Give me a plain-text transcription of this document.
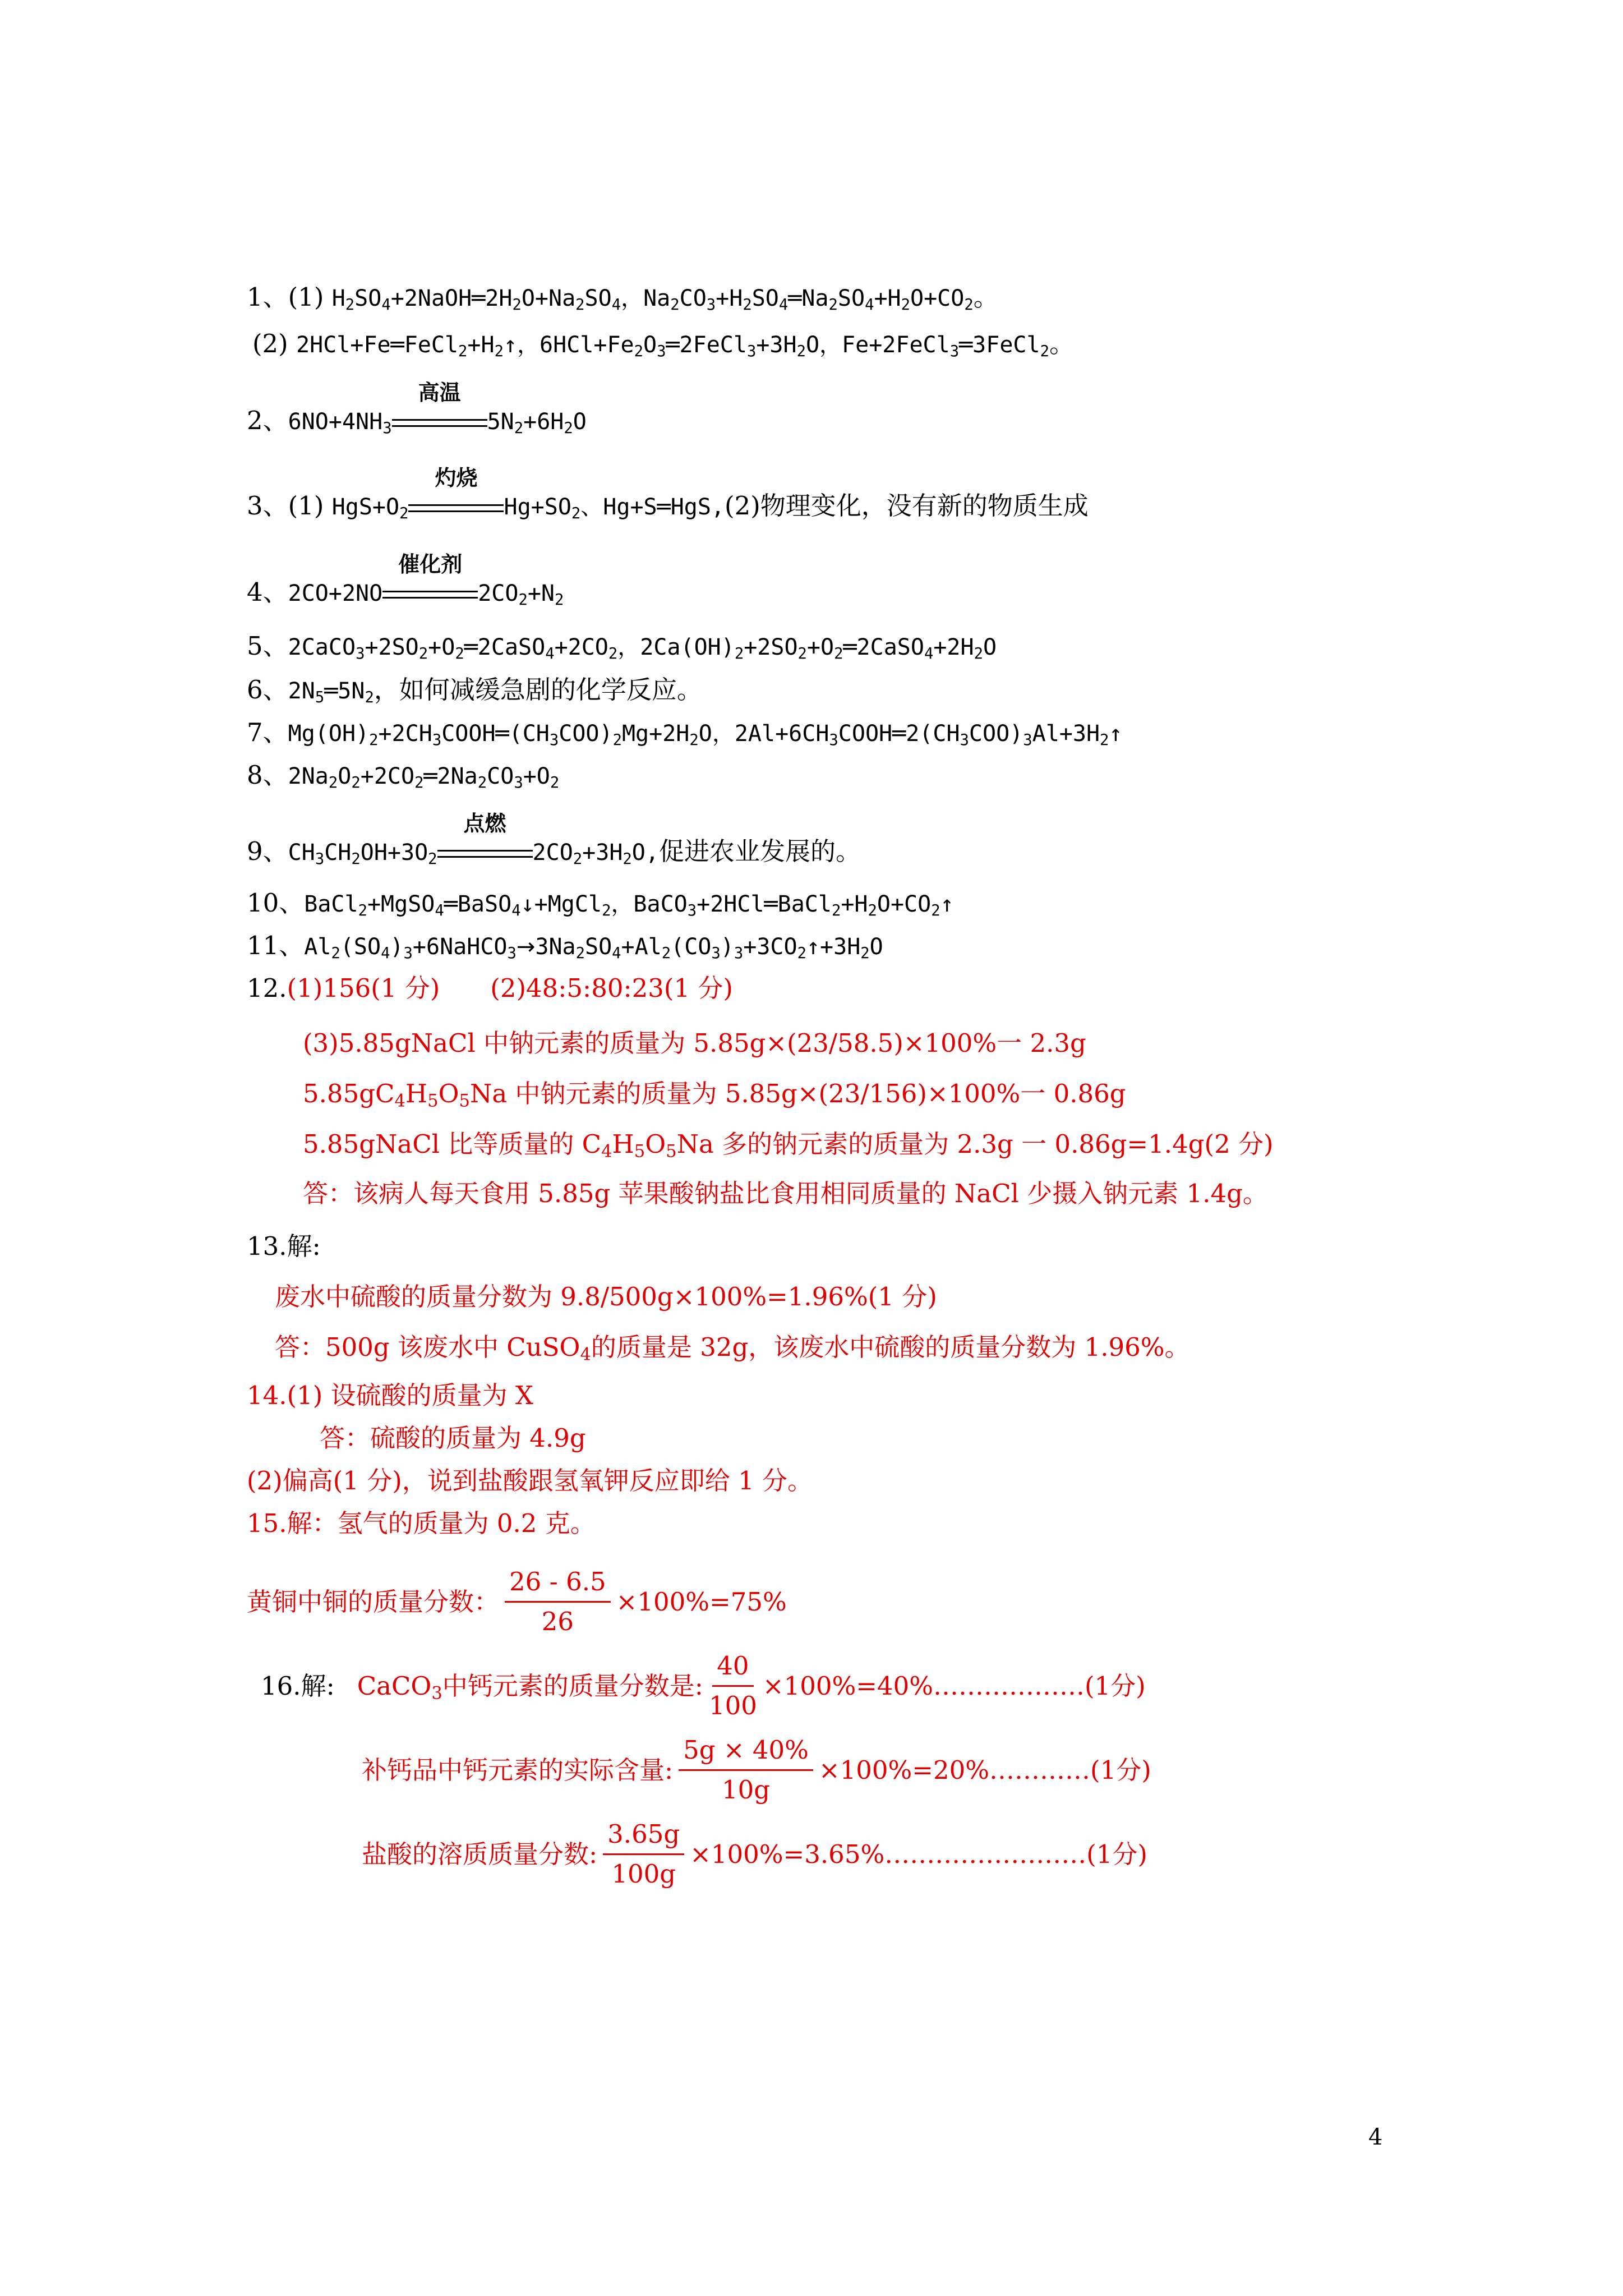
1、(1) $H_2SO_4+2NaOH═2H_2O+Na_2SO_4$，$Na_2CO_3+H_2SO_4═Na_2SO_4+H_2O+CO_2$。
(2) $2HCl+Fe═FeCl_2+H_2↑$，$6HCl+Fe_2O_3═2FeCl_3+3H_2O$，Fe+2FeCl$_3$═3FeCl$_2$。
2、$6NO+4NH_3$
高温
$5N_2+6H_2O$
3、(1) $HgS+O_2$
灼烧
$Hg+SO_2$、Hg+S═HgS,(2)物理变化，没有新的物质生成
4、2CO+2NO
催化剂
$2CO_2+N_2$
5、$2CaCO_3+2SO_2+O_2═2CaSO_4+2CO_2$，$2Ca(OH)_2+2SO_2+O_2═2CaSO_4+2H_2O$
6、$2N_5═5N_2$，如何减缓急剧的化学反应。
7、$Mg(OH)_2+2CH_3COOH═(CH_3COO)_2Mg+2H_2O$，$2Al+6CH_3COOH═2(CH_3COO)_3Al+3H_2↑$
8、$2Na_2O_2+2CO_2═2Na_2CO_3+O_2$
9、$CH_3CH_2OH+3O_2$
点燃
$2CO_2+3H_2O$,促进农业发展的。
10、BaCl$_2$+MgSO$_4$═BaSO$_4$↓+MgCl$_2$，$BaCO_3+2HCl═BaCl_2+H_2O+CO_2↑$
11、$Al_2(SO_4)_3+6NaHCO_3\to 3Na_2SO_4+Al_2(CO_3)_3+3CO_2↑+3H_2O$
12.(1)156(1 分) (2)48:5:80:23(1 分)
(3)5.85gNaCl 中钠元素的质量为 5.85g×(23/58.5)×100%一 2.3g
$5.85gC_4H_5O_5Na$ 中钠元素的质量为 5.85g×(23/156)×100%一 0.86g
5.85gNaCl 比等质量的 $C_4H_5O_5Na$ 多的钠元素的质量为 2.3g 一 0.86g=1.4g(2 分)
答：该病人每天食用 5.85g 苹果酸钠盐比食用相同质量的 NaCl 少摄入钠元素 1.4g。
13.解:
废水中硫酸的质量分数为 9.8/500g×100%=1.96%(1 分)
答：500g 该废水中 CuSO$_4$的质量是 32g，该废水中硫酸的质量分数为 1.96%。
14.(1) 设硫酸的质量为 X
答：硫酸的质量为 4.9g
(2)偏高(1 分)，说到盐酸跟氢氧钾反应即给 1 分。
15.解：氢气的质量为 0.2 克。
黄铜中铜的质量分数： $\frac{26 - 6.5}{26} \times 100\%=75\%$
16.解: CaCO$_3$中钙元素的质量分数是: $\frac{40}{100}$ ×100%=40%………………(1分)
补钙品中钙元素的实际含量: $\frac{5g \times 40\%}{10g}$ ×100%=20%…………(1分)
盐酸的溶质质量分数: $\frac{3.65g}{100g}$ ×100%=3.65%……………………(1分)
4
